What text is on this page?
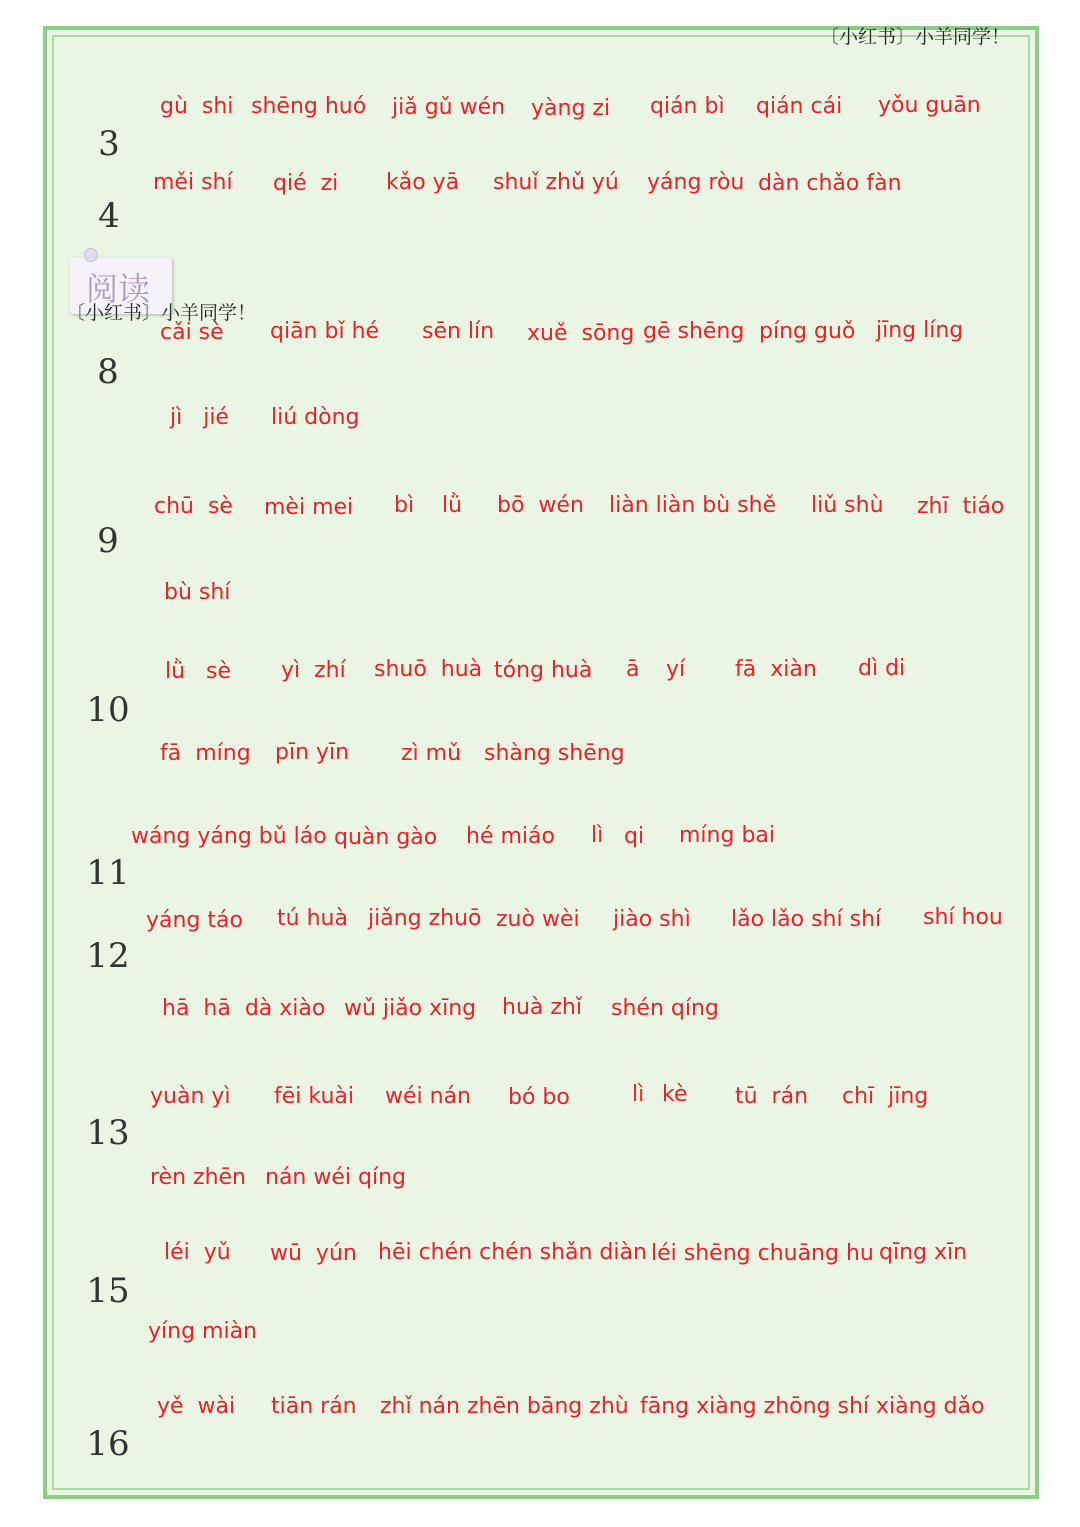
〔小红书〕小羊同学！
阅读
〔小红书〕小羊同学！
3
4
8
9
10
11
12
13
15
16
gù  shi shēng huó jiǎ gǔ wén yàng zi qián bì qián cái yǒu guān
měi shí qié  zi kǎo yā shuǐ zhǔ yú yáng ròu dàn chǎo fàn
cǎi sè qiān bǐ hé sēn lín xuě  sōng gē shēng píng guǒ jīng líng
jì   jié liú dòng
chū  sè mèi mei bì    lǜ bō  wén liàn liàn bù shě liǔ shù zhī  tiáo
bù shí
lǜ   sè yì  zhí shuō  huà tóng huà ā yí fā  xiàn dì di
fā  míng pīn yīn zì mǔ shàng shēng
wáng yáng bǔ láo quàn gào hé miáo lì qi míng bai
yáng táo tú huà jiǎng zhuō zuò wèi jiào shì lǎo lǎo shí shí shí hou
hā  hā  dà xiào wǔ jiǎo xīng huà zhǐ shén qíng
yuàn yì fēi kuài wéi nán bó bo	lì kè tū  rán chī  jīng
rèn zhēn nán wéi qíng
léi  yǔ wū  yún hēi chén chén shǎn diàn léi shēng chuāng hu qīng xīn
yíng miàn
yě  wài tiān rán zhǐ nán zhēn bāng zhù fāng xiàng zhōng shí xiàng dǎo
